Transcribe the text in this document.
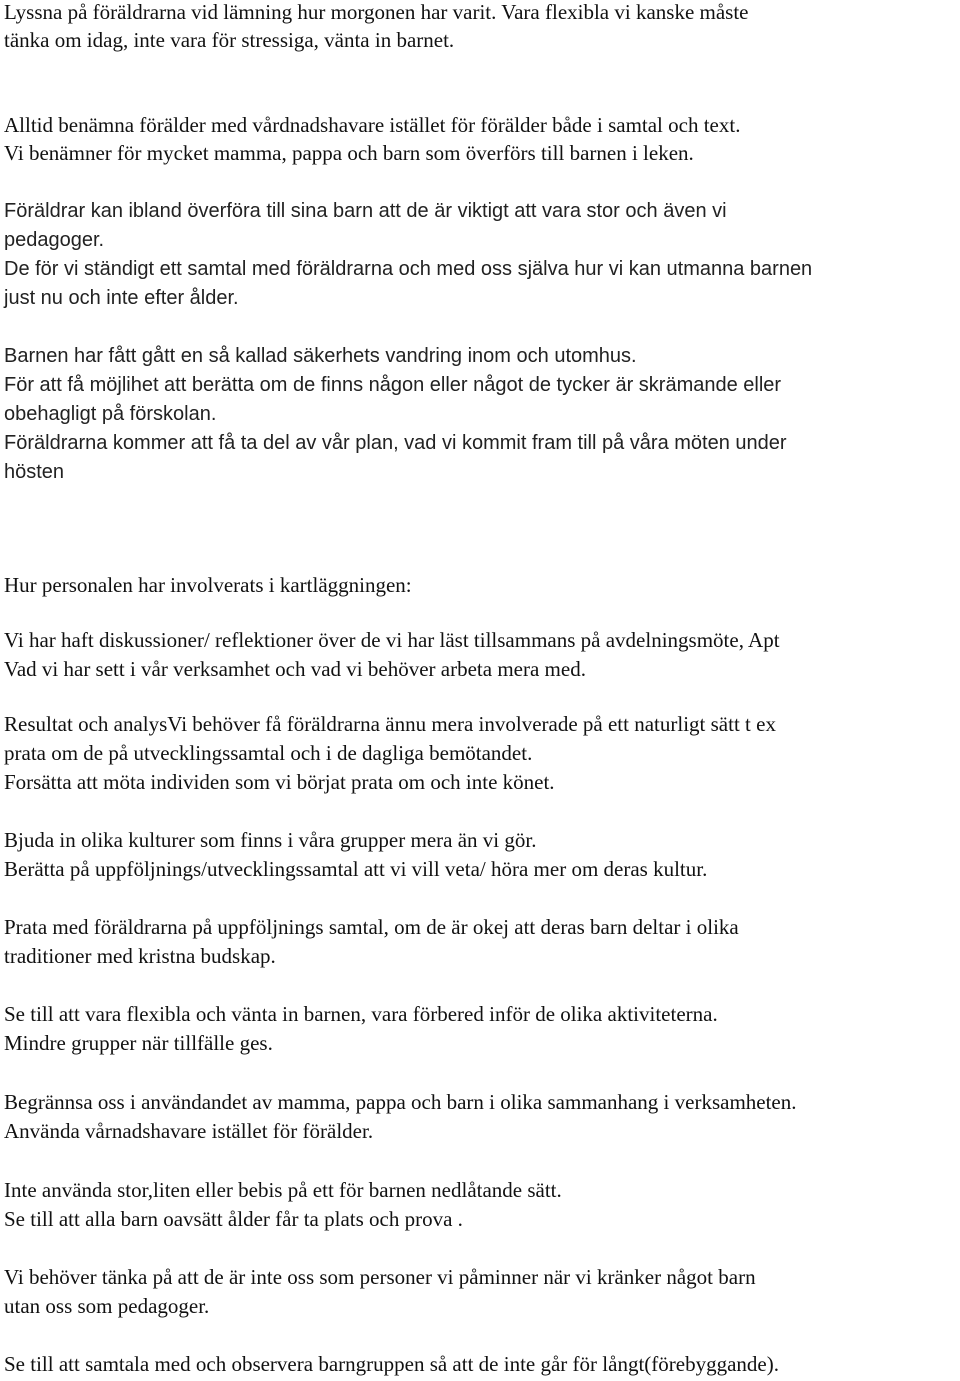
Lyssna på föräldrarna vid lämning hur morgonen har varit. Vara flexibla vi kanske måste

tänka om idag, inte vara för stressiga, vänta in barnet.

Alltid benämna förälder med vårdnadshavare istället för förälder både i samtal och text.

Vi benämner för mycket mamma, pappa och barn som överförs till barnen i leken.

Föräldrar kan ibland överföra till sina barn att de är viktigt att vara stor och även vi

pedagoger.

De för vi ständigt ett samtal med föräldrarna och med oss själva hur vi kan utmanna barnen

just nu och inte efter ålder.

Barnen har fått gått en så kallad säkerhets vandring inom och utomhus.

För att få möjlihet att berätta om de finns någon eller något de tycker är skrämande eller

obehagligt på förskolan.

Föräldrarna kommer att få ta del av vår plan, vad vi kommit fram till på våra möten under

hösten

Hur personalen har involverats i kartläggningen:

Vi har haft diskussioner/ reflektioner över de vi har läst tillsammans på avdelningsmöte, Apt

Vad vi har sett i vår verksamhet och vad vi behöver arbeta mera med.

Resultat och analysVi behöver få föräldrarna ännu mera involverade på ett naturligt sätt t ex

prata om de på utvecklingssamtal och i de dagliga bemötandet.

Forsätta att möta individen som vi börjat prata om och inte könet.

Bjuda in olika kulturer som finns i våra grupper mera än vi gör.

Berätta på uppföljnings/utvecklingssamtal att vi vill veta/ höra mer om deras kultur.

Prata med föräldrarna på uppföljnings samtal, om de är okej att deras barn deltar i olika

traditioner med kristna budskap.

Se till att vara flexibla och vänta in barnen, vara förbered inför de olika aktiviteterna.

Mindre grupper när tillfälle ges.

Begrännsa oss i användandet av mamma, pappa och barn i olika sammanhang i verksamheten.

Använda vårnadshavare istället för förälder.

Inte använda stor,liten eller bebis på ett för barnen nedlåtande sätt.

Se till att alla barn oavsätt ålder får ta plats och prova .

Vi behöver tänka på att de är inte oss som personer vi påminner när vi kränker något barn

utan oss som pedagoger.

Se till att samtala med och observera barngruppen så att de inte går för långt(förebyggande).
